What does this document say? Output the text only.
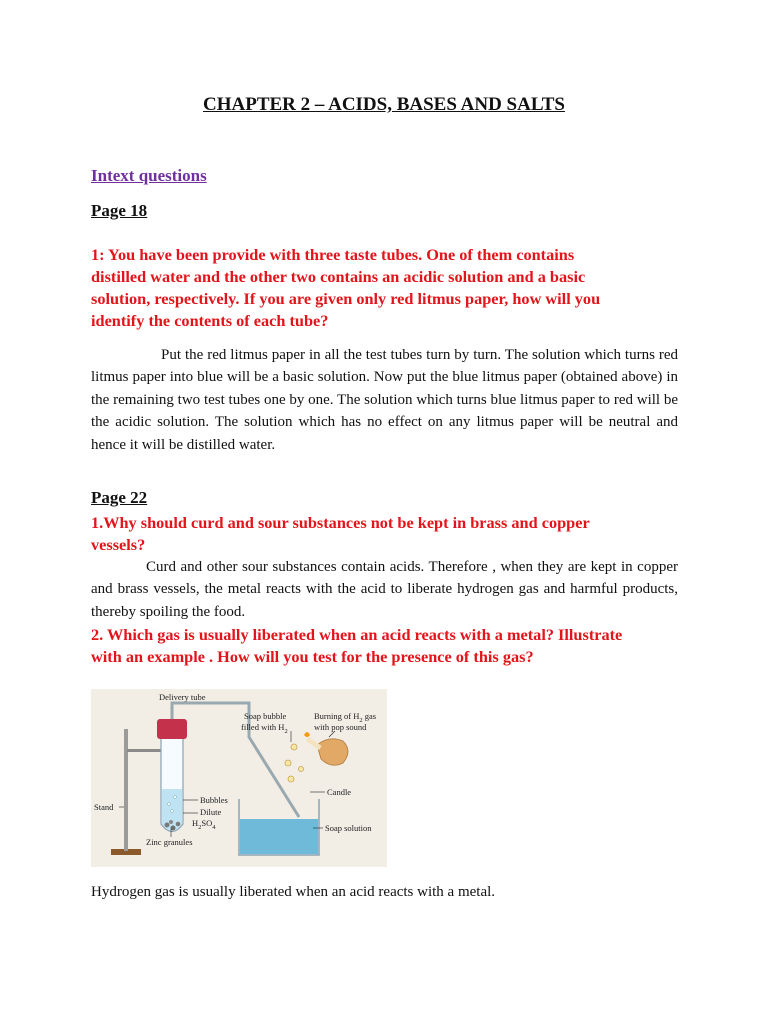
CHAPTER 2 – ACIDS, BASES AND SALTS
Intext questions
Page 18
1: You have been provide with three taste tubes. One of them contains
distilled water and the other two contains an acidic solution and a basic
solution, respectively. If you are given only red litmus paper, how will you
identify the contents of each tube?
Put the red litmus paper in all the test tubes turn by turn. The solution which turns red litmus paper into blue will be a basic solution. Now put the blue litmus paper (obtained above) in the remaining two test tubes one by one. The solution which turns blue litmus paper to red will be the acidic solution. The solution which has no effect on any litmus paper will be neutral and hence it will be distilled water.
Page 22
1.Why should curd and sour substances not be kept in brass and copper
vessels?
Curd and other sour substances contain acids. Therefore , when they are kept in copper and brass vessels, the metal reacts with the acid to liberate hydrogen gas and harmful products, thereby spoiling the food.
2. Which gas is usually liberated when an acid reacts with a metal? Illustrate
with an example . How will you test for the presence of this gas?
Delivery tube
Soap bubble
filled with $H_2$
Burning of $H_2$ gas
with pop sound
Stand
Bubbles
Dilute
$H_2SO_4$
Zinc granules
Candle
Soap solution
Hydrogen gas is usually liberated when an acid reacts with a metal.
